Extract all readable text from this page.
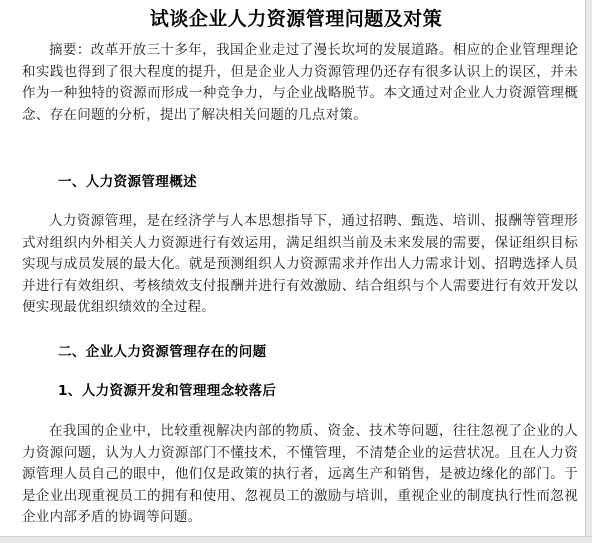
试谈企业人力资源管理问题及对策

摘要：改革开放三十多年，我国企业走过了漫长坎坷的发展道路。相应的企业管理理论和实践也得到了很大程度的提升，但是企业人力资源管理仍还存有很多认识上的误区，并未作为一种独特的资源而形成一种竞争力，与企业战略脱节。本文通过对企业人力资源管理概念、存在问题的分析，提出了解决相关问题的几点对策。

一、人力资源管理概述

人力资源管理，是在经济学与人本思想指导下，通过招聘、甄选、培训、报酬等管理形式对组织内外相关人力资源进行有效运用，满足组织当前及未来发展的需要，保证组织目标实现与成员发展的最大化。就是预测组织人力资源需求并作出人力需求计划、招聘选择人员并进行有效组织、考核绩效支付报酬并进行有效激励、结合组织与个人需要进行有效开发以便实现最优组织绩效的全过程。

二、企业人力资源管理存在的问题

1、人力资源开发和管理理念较落后

在我国的企业中，比较重视解决内部的物质、资金、技术等问题，往往忽视了企业的人力资源问题，认为人力资源部门不懂技术，不懂管理，不清楚企业的运营状况。且在人力资源管理人员自己的眼中，他们仅是政策的执行者，远离生产和销售，是被边缘化的部门。于是企业出现重视员工的拥有和使用、忽视员工的激励与培训，重视企业的制度执行性而忽视企业内部矛盾的协调等问题。
